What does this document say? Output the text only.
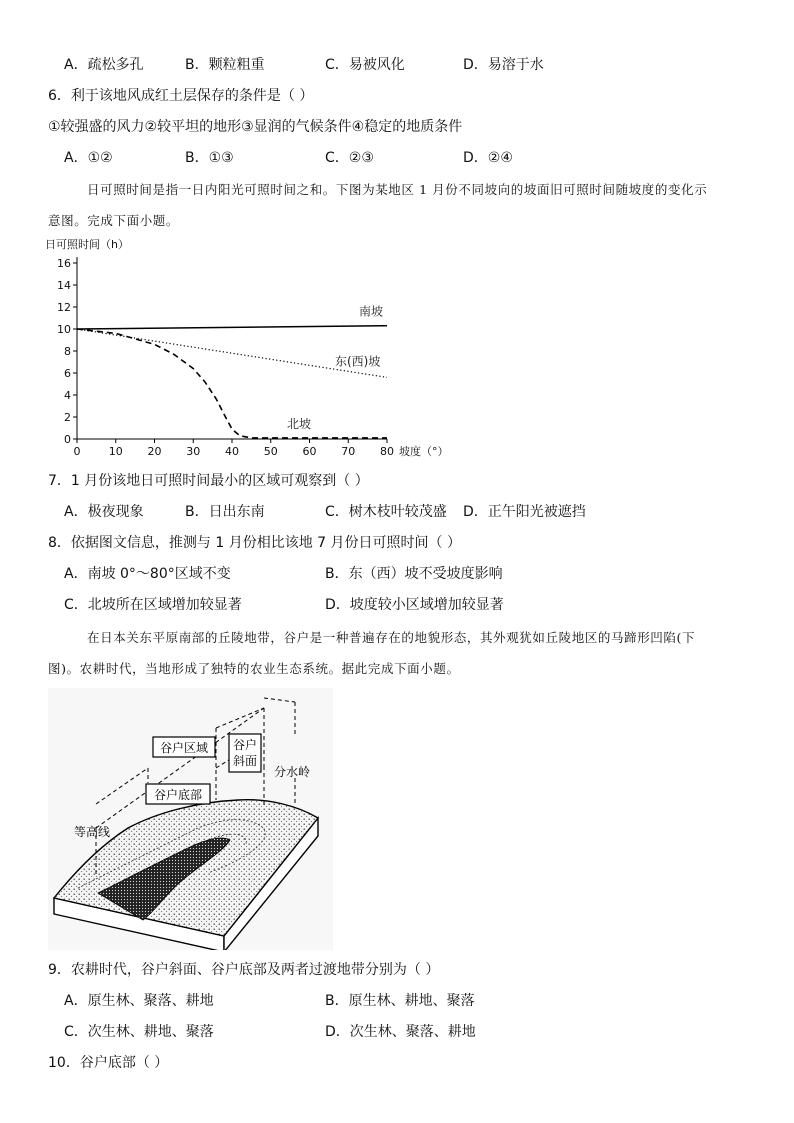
A．疏松多孔	B．颗粒粗重	C．易被风化	D．易溶于水
6．利于该地风成红土层保存的条件是（ ）
①较强盛的风力②较平坦的地形③显润的气候条件④稳定的地质条件
A．①②	B．①③	C．②③	D．②④
日可照时间是指一日内阳光可照时间之和。下图为某地区 1 月份不同坡向的坡面旧可照时间随坡度的变化示
意图。完成下面小题。
日可照时间（h）
0
2
4
6
8
10
12
14
16
0	10 20 30 40 50 60 70 80 坡度（°）
南坡
东(西)坡
北坡
7．1 月份该地日可照时间最小的区域可观察到（ ）
A．极夜现象	B．日出东南	C．树木枝叶较茂盛 D．正午阳光被遮挡
8．依据图文信息，推测与 1 月份相比该地 7 月份日可照时间（ ）
A．南坡 0°～80°区域不变	B．东（西）坡不受坡度影响
C．北坡所在区域增加较显著	D．坡度较小区域增加较显著
在日本关东平原南部的丘陵地带，谷户是一种普遍存在的地貌形态，其外观犹如丘陵地区的马蹄形凹陷(下
图)。农耕时代，当地形成了独特的农业生态系统。据此完成下面小题。
谷户区域 谷户
斜面
谷户底部
分水岭
等高线
9．农耕时代，谷户斜面、谷户底部及两者过渡地带分别为（ ）
A．原生林、聚落、耕地	B．原生林、耕地、聚落
C．次生林、耕地、聚落	D．次生林、聚落、耕地
10．谷户底部（ ）
